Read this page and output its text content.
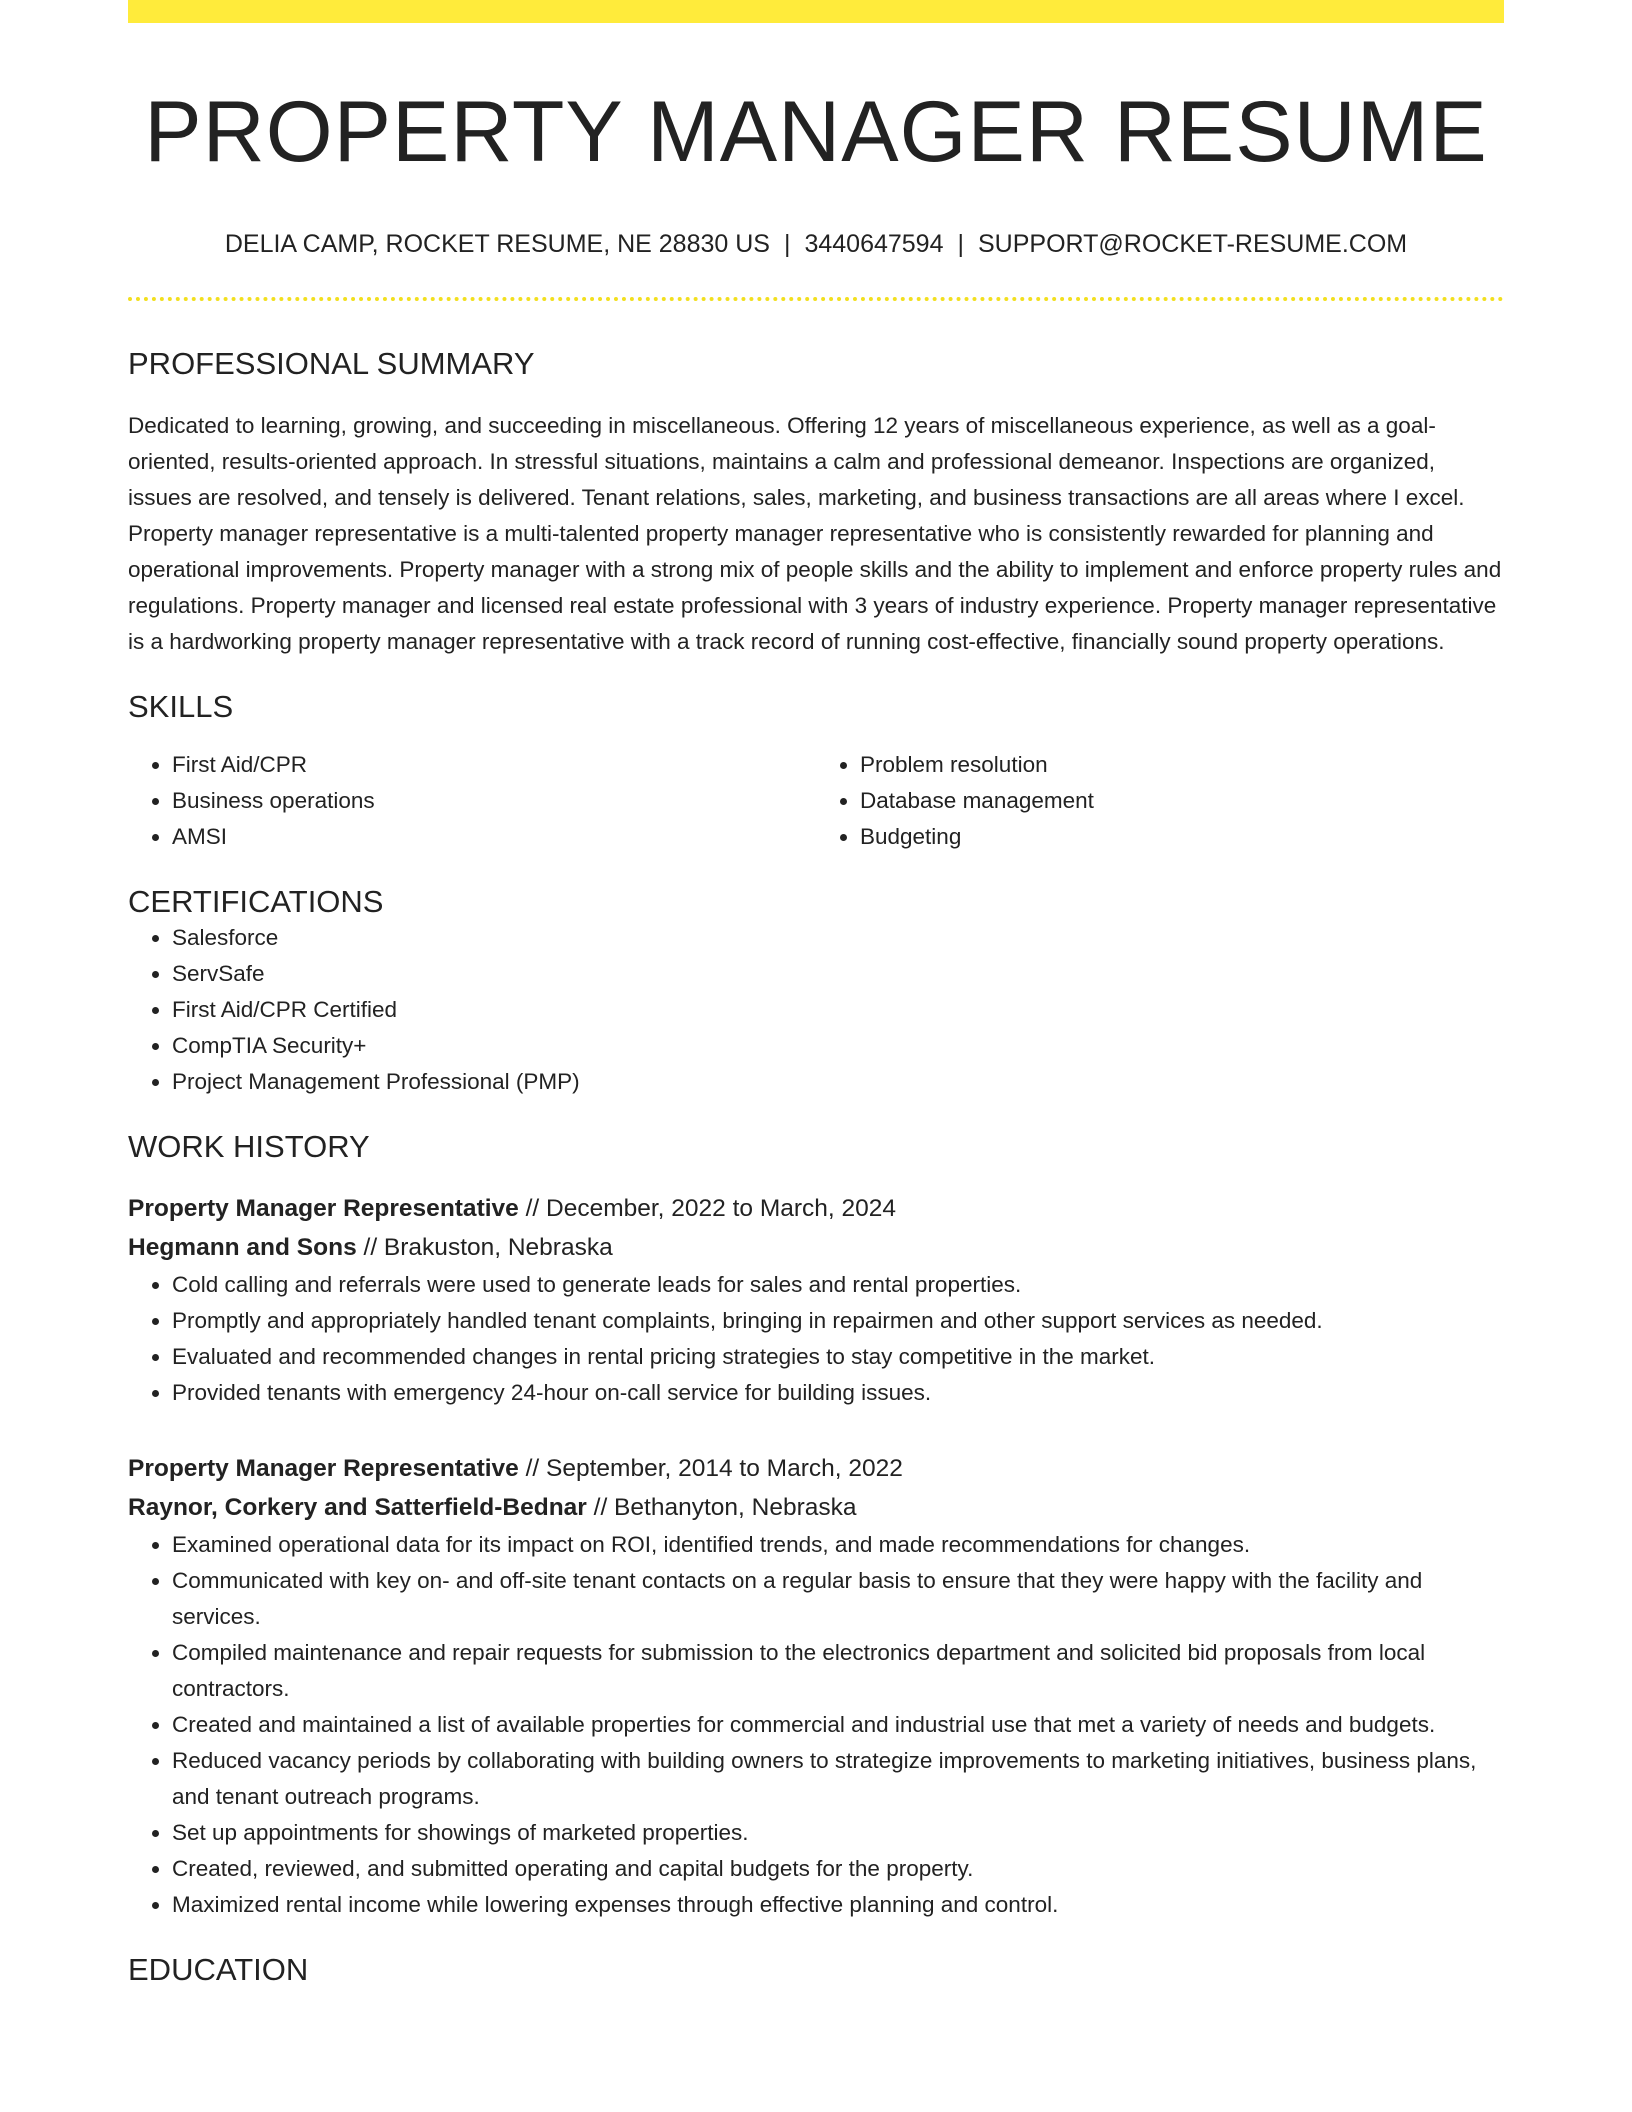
PROPERTY MANAGER RESUME
DELIA CAMP, ROCKET RESUME, NE 28830 US | 3440647594 | SUPPORT@ROCKET-RESUME.COM
PROFESSIONAL SUMMARY

Dedicated to learning, growing, and succeeding in miscellaneous. Offering 12 years of miscellaneous experience, as well as a goal-oriented, results-oriented approach. In stressful situations, maintains a calm and professional demeanor. Inspections are organized, issues are resolved, and tensely is delivered. Tenant relations, sales, marketing, and business transactions are all areas where I excel. Property manager representative is a multi-talented property manager representative who is consistently rewarded for planning and operational improvements. Property manager with a strong mix of people skills and the ability to implement and enforce property rules and regulations. Property manager and licensed real estate professional with 3 years of industry experience. Property manager representative is a hardworking property manager representative with a track record of running cost-effective, financially sound property operations.

SKILLS
• First Aid/CPR
• Business operations
• AMSI
• Problem resolution
• Database management
• Budgeting
CERTIFICATIONS
• Salesforce
• ServSafe
• First Aid/CPR Certified
• CompTIA Security+
• Project Management Professional (PMP)
WORK HISTORY
Property Manager Representative // December, 2022 to March, 2024
Hegmann and Sons // Brakuston, Nebraska
• Cold calling and referrals were used to generate leads for sales and rental properties.
• Promptly and appropriately handled tenant complaints, bringing in repairmen and other support services as needed.
• Evaluated and recommended changes in rental pricing strategies to stay competitive in the market.
• Provided tenants with emergency 24-hour on-call service for building issues.
Property Manager Representative // September, 2014 to March, 2022
Raynor, Corkery and Satterfield-Bednar // Bethanyton, Nebraska
• Examined operational data for its impact on ROI, identified trends, and made recommendations for changes.
• Communicated with key on- and off-site tenant contacts on a regular basis to ensure that they were happy with the facility and services.
• Compiled maintenance and repair requests for submission to the electronics department and solicited bid proposals from local contractors.
• Created and maintained a list of available properties for commercial and industrial use that met a variety of needs and budgets.
• Reduced vacancy periods by collaborating with building owners to strategize improvements to marketing initiatives, business plans, and tenant outreach programs.
• Set up appointments for showings of marketed properties.
• Created, reviewed, and submitted operating and capital budgets for the property.
• Maximized rental income while lowering expenses through effective planning and control.
EDUCATION
